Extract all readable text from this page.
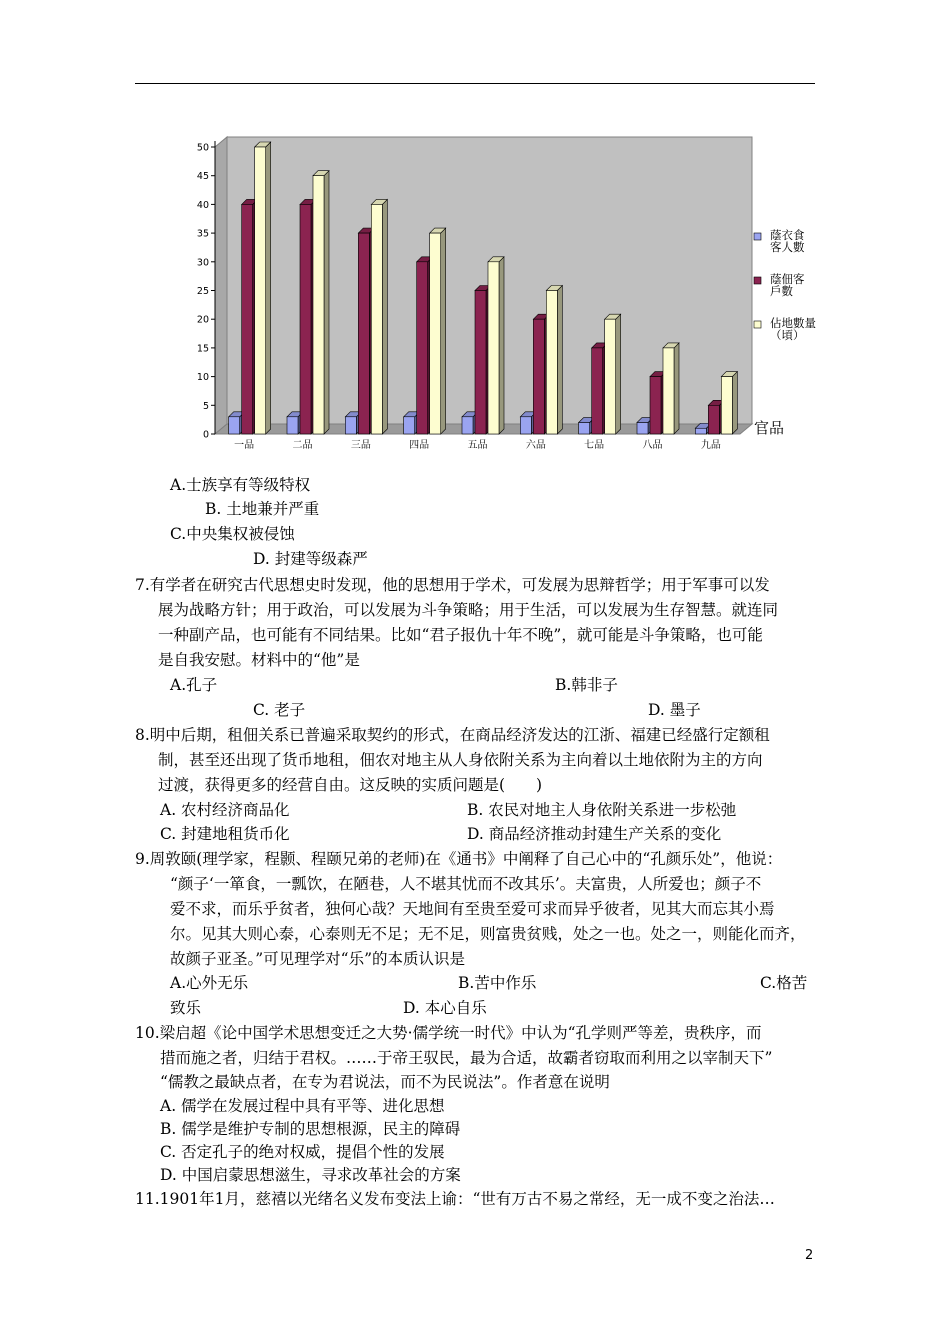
0
5
10
15
20
25
30
35
40
45
50
一品	二品	三品	四品	五品	六品	七品	八品	九品
官品
蔭衣食
客人數
蔭佃客
戶數
佔地數量
（頃）
A.士族享有等级特权
B. 土地兼并严重
C.中央集权被侵蚀
D. 封建等级森严
7.有学者在研究古代思想史时发现，他的思想用于学术，可发展为思辩哲学；用于军事可以发
展为战略方针；用于政治，可以发展为斗争策略；用于生活，可以发展为生存智慧。就连同
一种副产品，也可能有不同结果。比如“君子报仇十年不晚”，就可能是斗争策略，也可能
是自我安慰。材料中的“他”是
A.孔子	B.韩非子
C. 老子	D. 墨子
8.明中后期，租佃关系已普遍采取契约的形式，在商品经济发达的江浙、福建已经盛行定额租
制，甚至还出现了货币地租，佃农对地主从人身依附关系为主向着以土地依附为主的方向
过渡，获得更多的经营自由。这反映的实质问题是(　　)
A. 农村经济商品化	B. 农民对地主人身依附关系进一步松弛
C. 封建地租货币化	D. 商品经济推动封建生产关系的变化
9.周敦颐(理学家，程颢、程颐兄弟的老师)在《通书》中阐释了自己心中的“孔颜乐处”，他说：
“颜子‘一箪食，一瓢饮，在陋巷，人不堪其忧而不改其乐’。夫富贵，人所爱也；颜子不
爱不求，而乐乎贫者，独何心哉？天地间有至贵至爱可求而异乎彼者，见其大而忘其小焉
尔。见其大则心泰，心泰则无不足；无不足，则富贵贫贱，处之一也。处之一，则能化而齐，
故颜子亚圣。”可见理学对“乐”的本质认识是
A.心外无乐	B.苦中作乐	C.格苦
致乐	D. 本心自乐
10.梁启超《论中国学术思想变迁之大势·儒学统一时代》中认为“孔学则严等差，贵秩序，而
措而施之者，归结于君权。……于帝王驭民，最为合适，故霸者窃取而利用之以宰制天下”
“儒教之最缺点者，在专为君说法，而不为民说法”。作者意在说明
A. 儒学在发展过程中具有平等、进化思想
B. 儒学是维护专制的思想根源，民主的障碍
C. 否定孔子的绝对权威，提倡个性的发展
D. 中国启蒙思想滋生，寻求改革社会的方案
11.1901年1月，慈禧以光绪名义发布变法上谕：“世有万古不易之常经，无一成不变之治法…
2
